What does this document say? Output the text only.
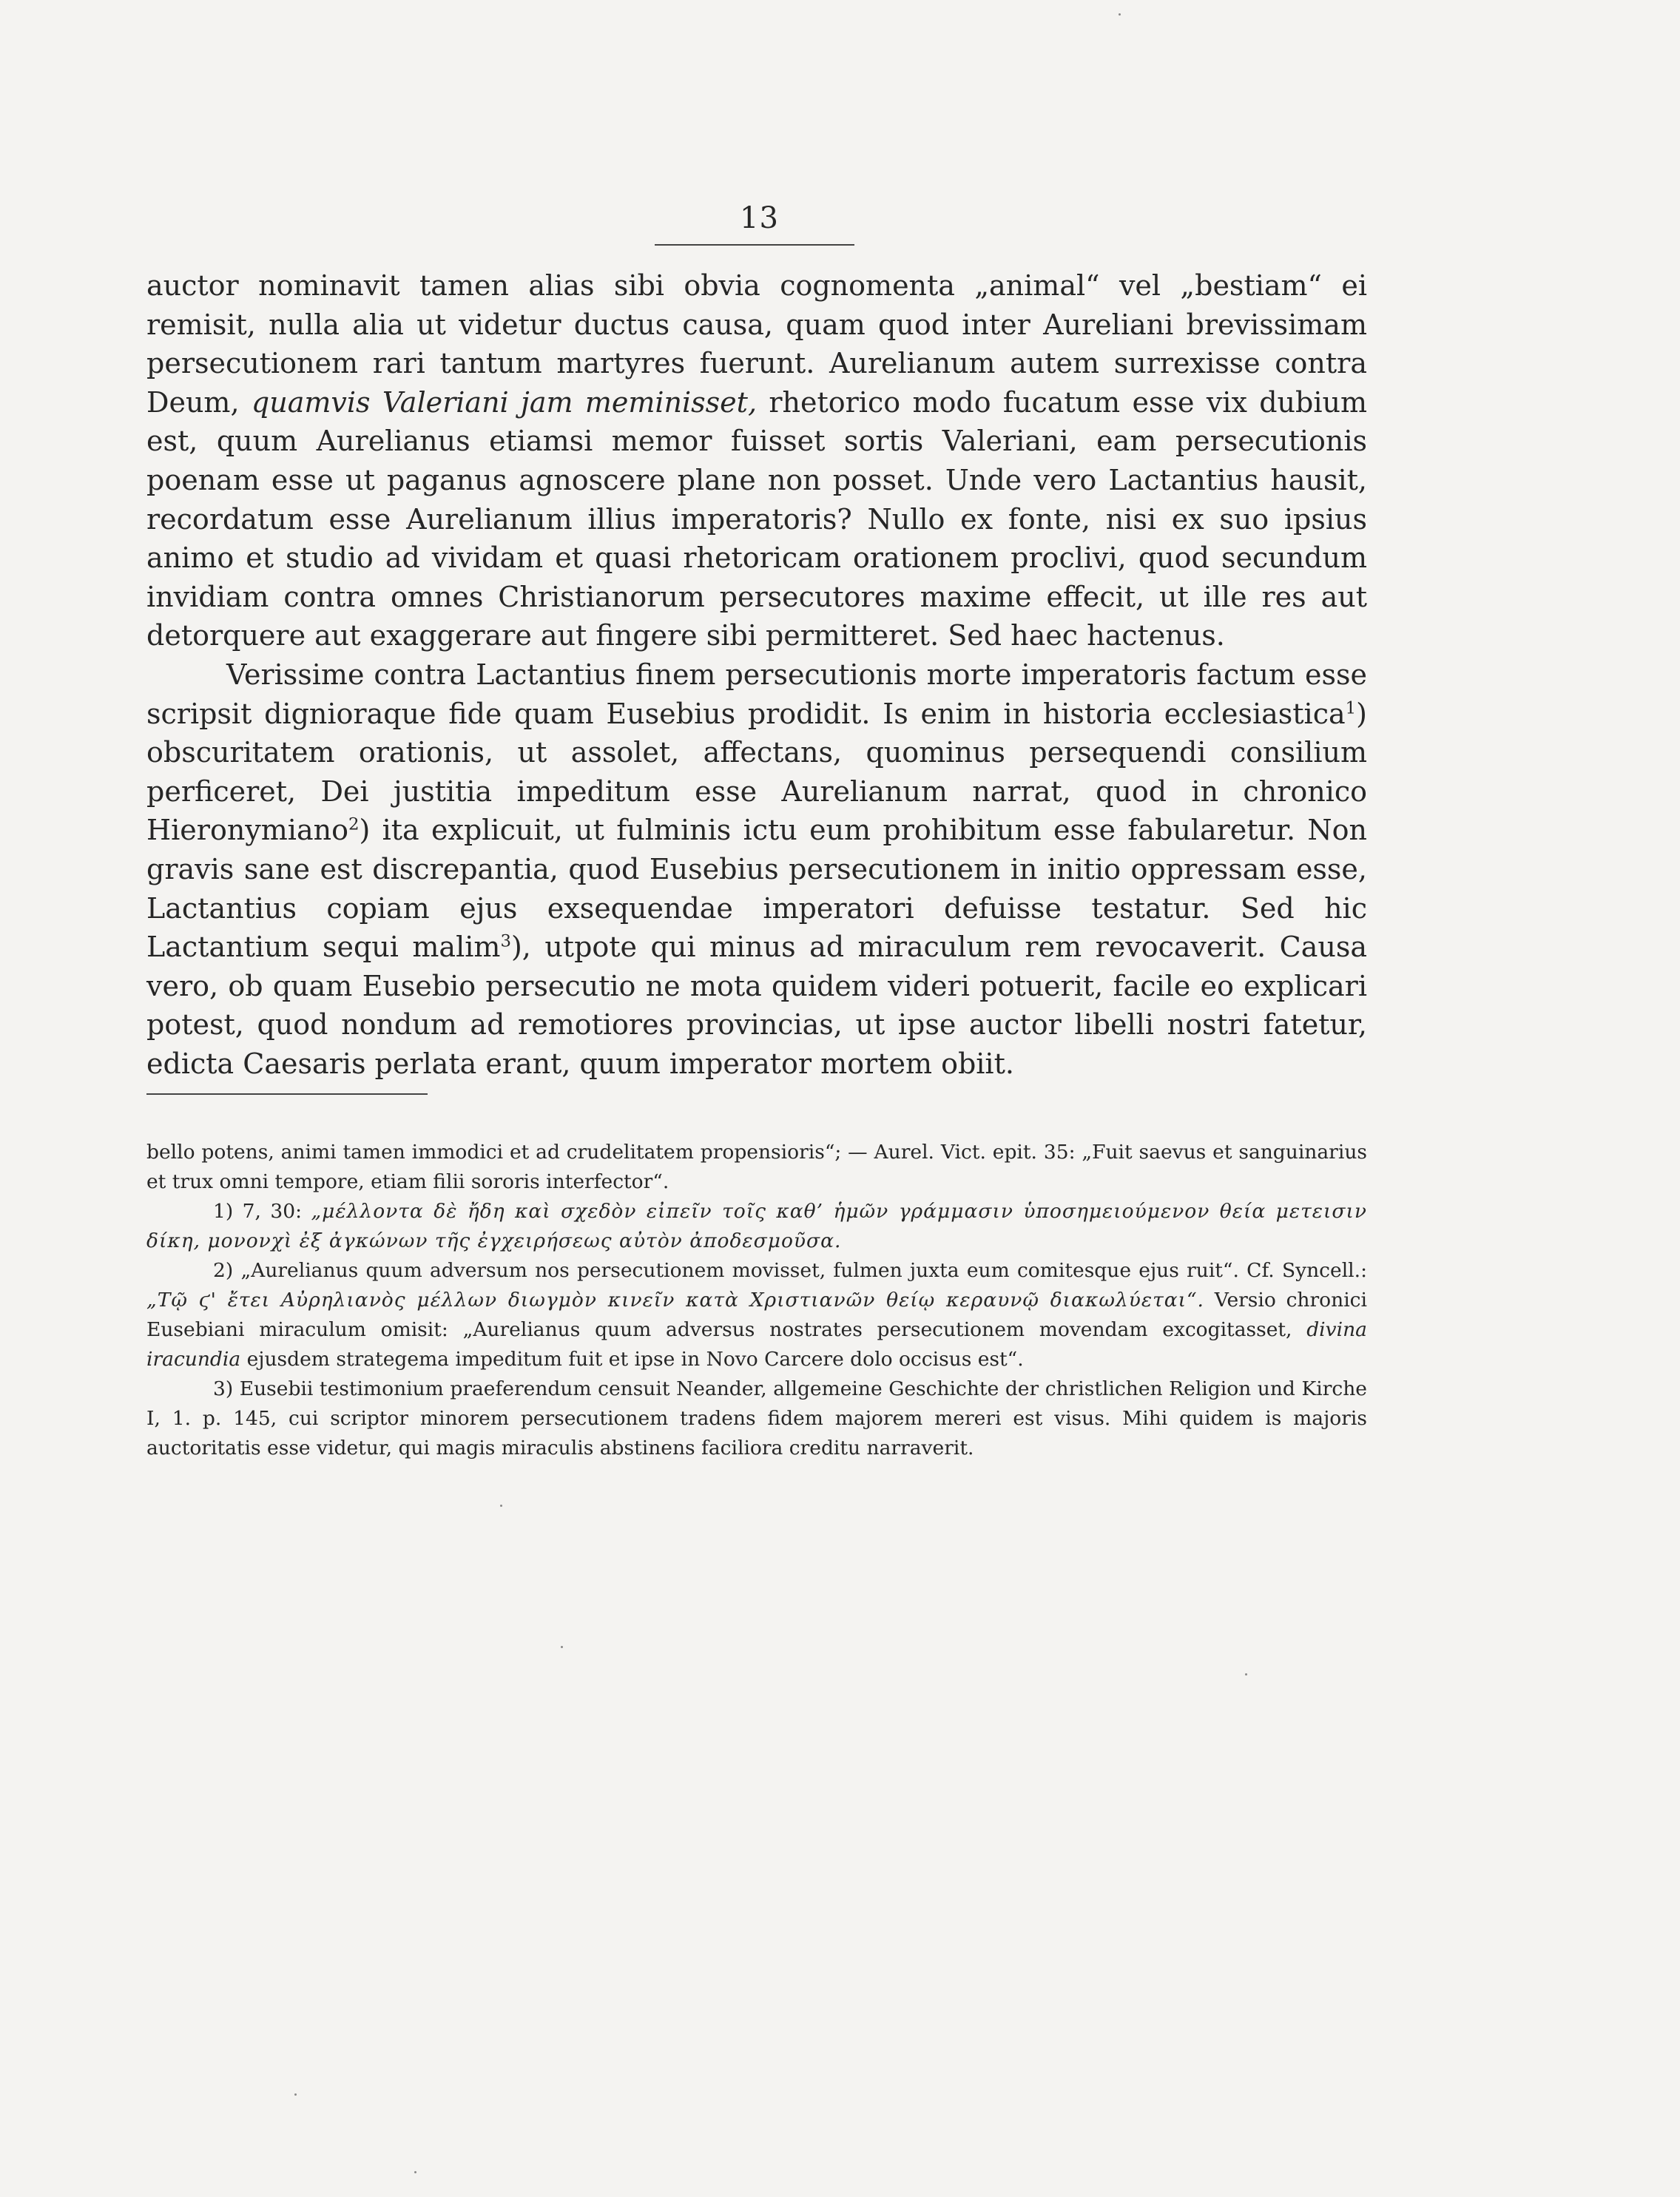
13

auctor nominavit tamen alias sibi obvia cognomenta „animal“ vel „bestiam“ ei remisit, nulla alia ut videtur ductus causa, quam quod inter Aureliani brevissimam persecutionem rari tantum martyres fuerunt. Aurelianum autem surrexisse contra Deum, quamvis Valeriani jam meminisset, rhetorico modo fucatum esse vix dubium est, quum Aurelianus etiamsi memor fuisset sortis Valeriani, eam persecutionis poenam esse ut paganus agnoscere plane non posset. Unde vero Lactantius hausit, recordatum esse Aurelianum illius imperatoris? Nullo ex fonte, nisi ex suo ipsius animo et studio ad vividam et quasi rhetoricam orationem proclivi, quod secundum invidiam contra omnes Christianorum persecutores maxime effecit, ut ille res aut detorquere aut exaggerare aut fingere sibi permitteret. Sed haec hactenus.

Verissime contra Lactantius finem persecutionis morte imperatoris factum esse scripsit dignioraque fide quam Eusebius prodidit. Is enim in historia ecclesiastica$^1$) obscuritatem orationis, ut assolet, affectans, quominus persequendi consilium perficeret, Dei justitia impeditum esse Aurelianum narrat, quod in chronico Hieronymiano$^2$) ita explicuit, ut fulminis ictu eum prohibitum esse fabularetur. Non gravis sane est discrepantia, quod Eusebius persecutionem in initio oppressam esse, Lactantius copiam ejus exsequendae imperatori defuisse testatur. Sed hic Lactantium sequi malim$^3$), utpote qui minus ad miraculum rem revocaverit. Causa vero, ob quam Eusebio persecutio ne mota quidem videri potuerit, facile eo explicari potest, quod nondum ad remotiores provincias, ut ipse auctor libelli nostri fatetur, edicta Caesaris perlata erant, quum imperator mortem obiit.

bello potens, animi tamen immodici et ad crudelitatem propensioris“; — Aurel. Vict. epit. 35: „Fuit saevus et sanguinarius et trux omni tempore, etiam filii sororis interfector“.

1) 7, 30: „μέλλοντα δὲ ἤδη καὶ σχεδὸν εἰπεῖν τοῖς καθ’ ἡμῶν γράμμασιν ὑποσημειούμενον θεία μετεισιν δίκη, μονονχὶ ἐξ ἀγκώνων τῆς ἐγχειρήσεως αὐτὸν ἀποδεσμοῦσα.

2) „Aurelianus quum adversum nos persecutionem movisset, fulmen juxta eum comitesque ejus ruit“. Cf. Syncell.: „Τῷ ϛ' ἔτει Αὐρηλιανὸς μέλλων διωγμὸν κινεῖν κατὰ Χριστιανῶν θείῳ κεραυνῷ διακωλύεται“. Versio chronici Eusebiani miraculum omisit: „Aurelianus quum adversus nostrates persecutionem movendam excogitasset, divina iracundia ejusdem strategema impeditum fuit et ipse in Novo Carcere dolo occisus est“.

3) Eusebii testimonium praeferendum censuit Neander, allgemeine Geschichte der christlichen Religion und Kirche I, 1. p. 145, cui scriptor minorem persecutionem tradens fidem majorem mereri est visus. Mihi quidem is majoris auctoritatis esse videtur, qui magis miraculis abstinens faciliora creditu narraverit.
